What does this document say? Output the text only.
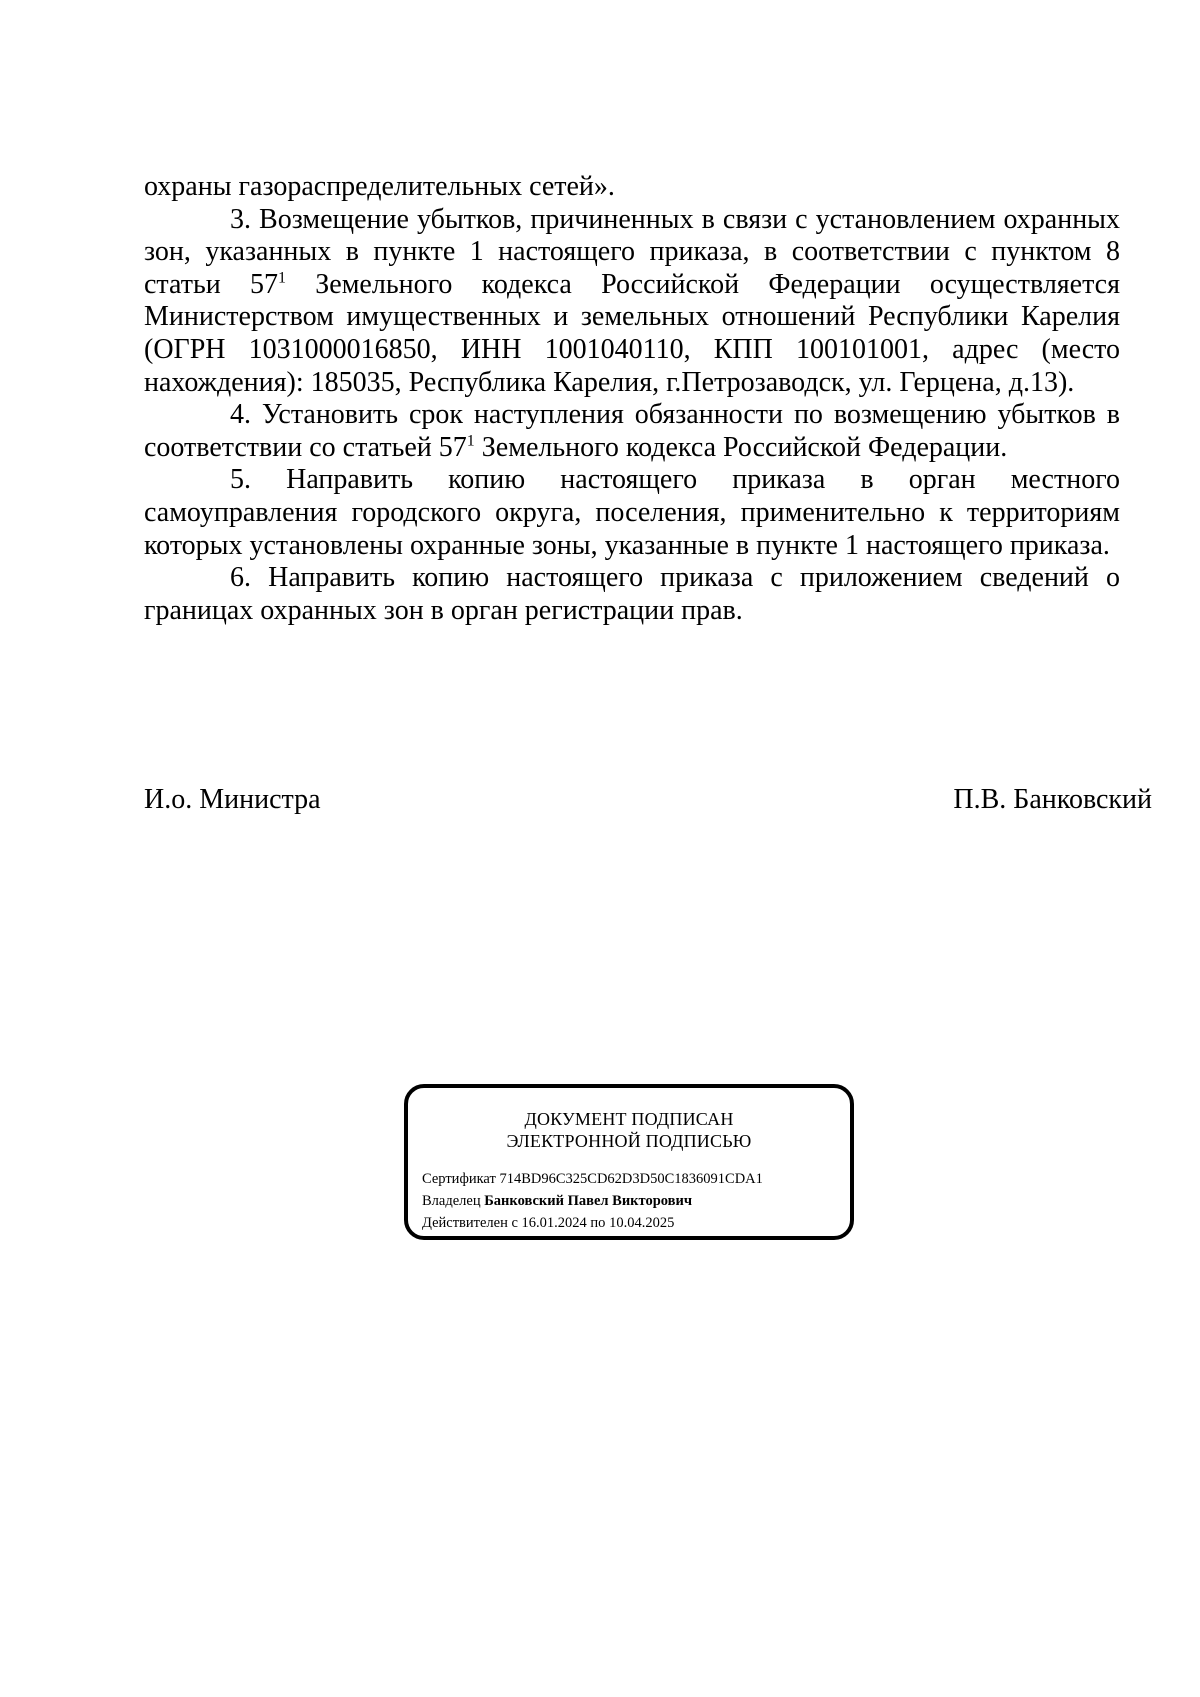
охраны газораспределительных сетей».

3. Возмещение убытков, причиненных в связи с установлением охранных зон, указанных в пункте 1 настоящего приказа, в соответствии с пунктом 8 статьи $57^1$ Земельного кодекса Российской Федерации осуществляется Министерством имущественных и земельных отношений Республики Карелия (ОГРН 1031000016850, ИНН 1001040110, КПП 100101001, адрес (место нахождения): 185035, Республика Карелия, г.Петрозаводск, ул. Герцена, д.13).

4. Установить срок наступления обязанности по возмещению убытков в соответствии со статьей $57^1$ Земельного кодекса Российской Федерации.

5. Направить копию настоящего приказа в орган местного самоуправления городского округа, поселения, применительно к территориям которых установлены охранные зоны, указанные в пункте 1 настоящего приказа.

6. Направить копию настоящего приказа с приложением сведений о границах охранных зон в орган регистрации прав.

И.о. Министра	П.В. Банковский
ДОКУМЕНТ ПОДПИСАН
ЭЛЕКТРОННОЙ ПОДПИСЬЮ
Сертификат 714BD96C325CD62D3D50C1836091CDA1
Владелец Банковский Павел Викторович
Действителен с 16.01.2024 по 10.04.2025
